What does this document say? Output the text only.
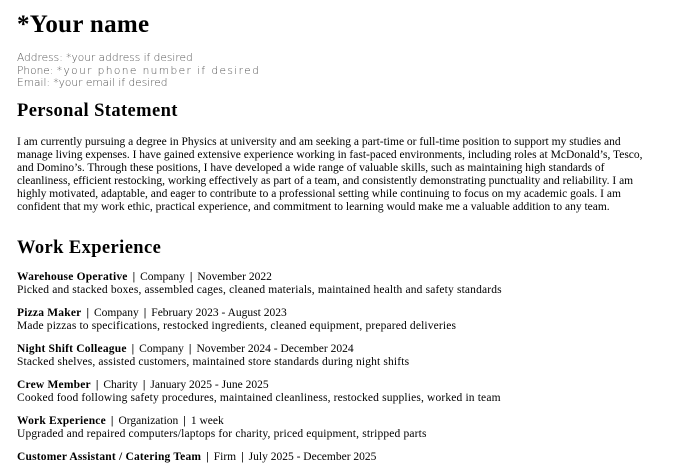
*Your name
Address: *your address if desired
Phone: *your phone number if desired
Email: *your email if desired
Personal Statement

I am currently pursuing a degree in Physics at university and am seeking a part-time or full-time position to support my studies and manage living expenses. I have gained extensive experience working in fast-paced environments, including roles at McDonald’s, Tesco, and Domino’s. Through these positions, I have developed a wide range of valuable skills, such as maintaining high standards of cleanliness, efficient restocking, working effectively as part of a team, and consistently demonstrating punctuality and reliability. I am highly motivated, adaptable, and eager to contribute to a professional setting while continuing to focus on my academic goals. I am confident that my work ethic, practical experience, and commitment to learning would make me a valuable addition to any team.

Work Experience
Warehouse Operative | Company | November 2022
Picked and stacked boxes, assembled cages, cleaned materials, maintained health and safety standards
Pizza Maker | Company | February 2023 - August 2023
Made pizzas to specifications, restocked ingredients, cleaned equipment, prepared deliveries
Night Shift Colleague | Company | November 2024 - December 2024
Stacked shelves, assisted customers, maintained store standards during night shifts
Crew Member | Charity | January 2025 - June 2025
Cooked food following safety procedures, maintained cleanliness, restocked supplies, worked in team
Work Experience | Organization | 1 week
Upgraded and repaired computers/laptops for charity, priced equipment, stripped parts
Customer Assistant / Catering Team | Firm | July 2025 - December 2025
